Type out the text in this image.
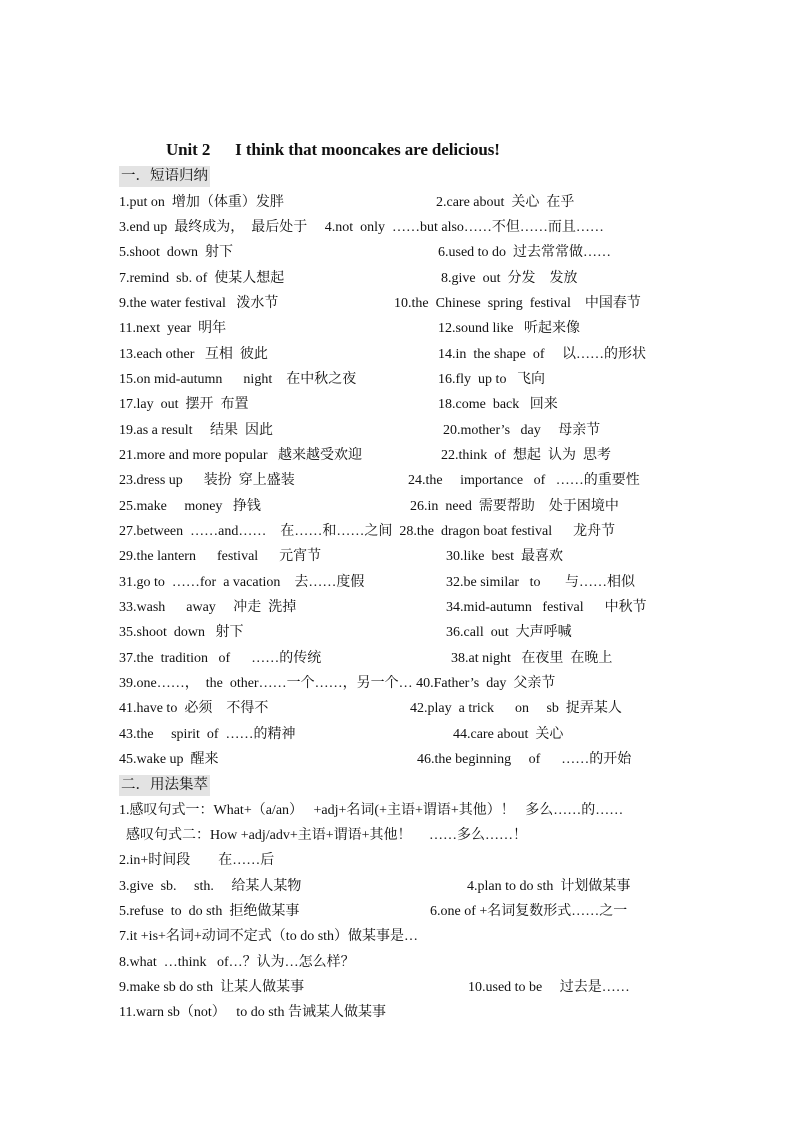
Unit 2      I think that mooncakes are delicious!
一．短语归纳
1.put on  增加（体重）发胖	2.care about  关心  在乎
3.end up  最终成为，  最后处于     4.not  only  ……but also……不但……而且……
5.shoot  down  射下	6.used to do  过去常常做……
7.remind  sb. of  使某人想起	8.give  out  分发    发放
9.the water festival   泼水节	10.the  Chinese  spring  festival    中国春节
11.next  year  明年	12.sound like   听起来像
13.each other   互相  彼此	14.in  the shape  of     以……的形状
15.on mid-autumn      night    在中秋之夜	16.fly  up to   飞向
17.lay  out  摆开  布置	18.come  back   回来
19.as a result     结果  因此	20.mother’s   day     母亲节
21.more and more popular   越来越受欢迎	22.think  of  想起  认为  思考
23.dress up      装扮  穿上盛装	24.the     importance   of   ……的重要性
25.make     money   挣钱	26.in  need  需要帮助    处于困境中
27.between  ……and……    在……和……之间  28.the  dragon boat festival      龙舟节
29.the lantern      festival      元宵节	30.like  best  最喜欢
31.go to  ……for  a vacation    去……度假	32.be similar   to       与……相似
33.wash      away     冲走  洗掉	34.mid-autumn   festival      中秋节
35.shoot  down   射下	36.call  out  大声呼喊
37.the  tradition   of      ……的传统	38.at night   在夜里  在晚上
39.one……，  the  other……一个……，另一个… 40.Father’s  day  父亲节
41.have to  必须    不得不	42.play  a trick      on     sb  捉弄某人
43.the     spirit  of  ……的精神	44.care about  关心
45.wake up  醒来	46.the beginning     of      ……的开始
二．用法集萃
1.感叹句式一：What+（a/an）   +adj+名词(+主语+谓语+其他）！   多么……的……
感叹句式二：How +adj/adv+主语+谓语+其他！     ……多么……！
2.in+时间段        在……后
3.give  sb.     sth.     给某人某物	4.plan to do sth  计划做某事
5.refuse  to  do sth  拒绝做某事	6.one of +名词复数形式……之一
7.it +is+名词+动词不定式（to do sth）做某事是…
8.what  …think   of…？认为…怎么样？
9.make sb do sth  让某人做某事	10.used to be     过去是……
11.warn sb（not）   to do sth 告诫某人做某事
